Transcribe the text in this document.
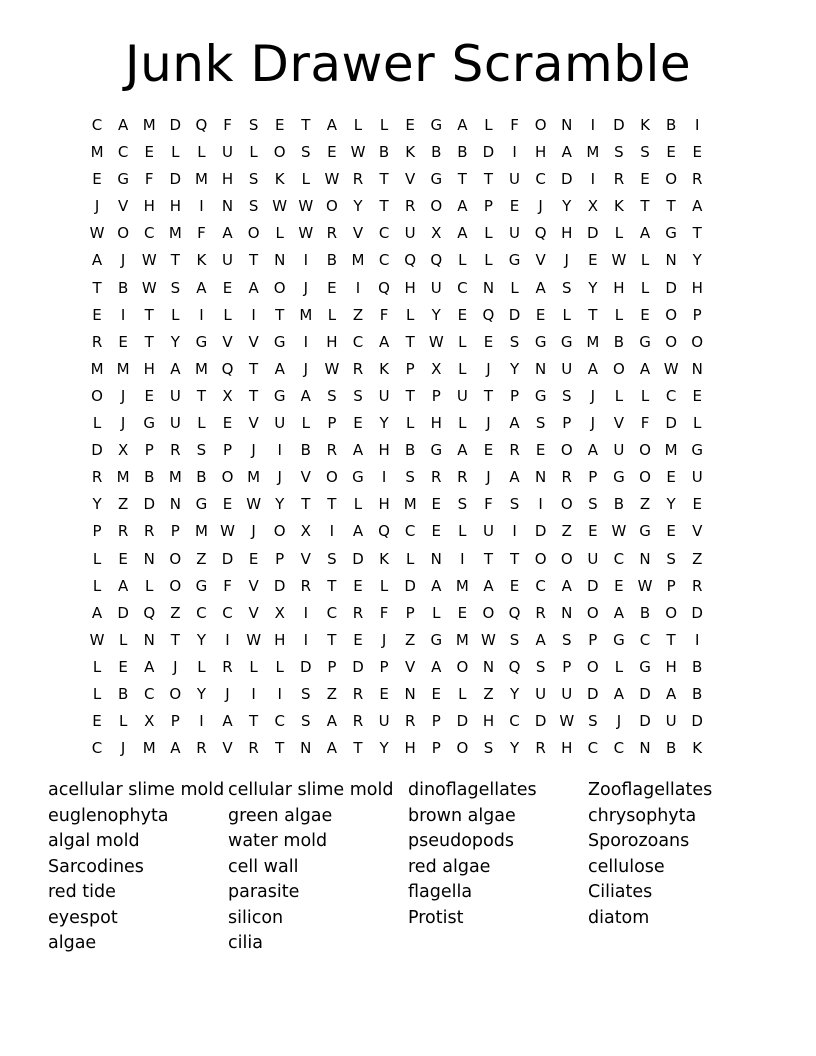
Junk Drawer Scramble
C A M D Q F S E T A L L E G A L F O N I D K B I
M C E L L U L O S E W B K B B D I H A M S S E E
E G F D M H S K L W R T V G T T U C D I R E O R
J V H H I N S W W O Y T R O A P E J Y X K T T A
W O C M F A O L W R V C U X A L U Q H D L A G T
A J W T K U T N I B M C Q Q L L G V J E W L N Y
T B W S A E A O J E I Q H U C N L A S Y H L D H
E I T L I L I T M L Z F L Y E Q D E L T L E O P
R E T Y G V V G I H C A T W L E S G G M B G O O
M M H A M Q T A J W R K P X L J Y N U A O A W N
O J E U T X T G A S S U T P U T P G S J L L C E
L J G U L E V U L P E Y L H L J A S P J V F D L
D X P R S P J I B R A H B G A E R E O A U O M G
R M B M B O M J V O G I S R R J A N R P G O E U
Y Z D N G E W Y T T L H M E S F S I O S B Z Y E
P R R P M W J O X I A Q C E L U I D Z E W G E V
L E N O Z D E P V S D K L N I T T O O U C N S Z
L A L O G F V D R T E L D A M A E C A D E W P R
A D Q Z C C V X I C R F P L E O Q R N O A B O D
W L N T Y I W H I T E J Z G M W S A S P G C T I
L E A J L R L L D P D P V A O N Q S P O L G H B
L B C O Y J I I S Z R E N E L Z Y U U D A D A B
E L X P I A T C S A R U R P D H C D W S J D U D
C J M A R V R T N A T Y H P O S Y R H C C N B K
acellular slime mold
euglenophyta
algal mold
Sarcodines
red tide
eyespot
algae
cellular slime mold
green algae
water mold
cell wall
parasite
silicon
cilia
dinoflagellates
brown algae
pseudopods
red algae
flagella
Protist
Zooflagellates
chrysophyta
Sporozoans
cellulose
Ciliates
diatom
